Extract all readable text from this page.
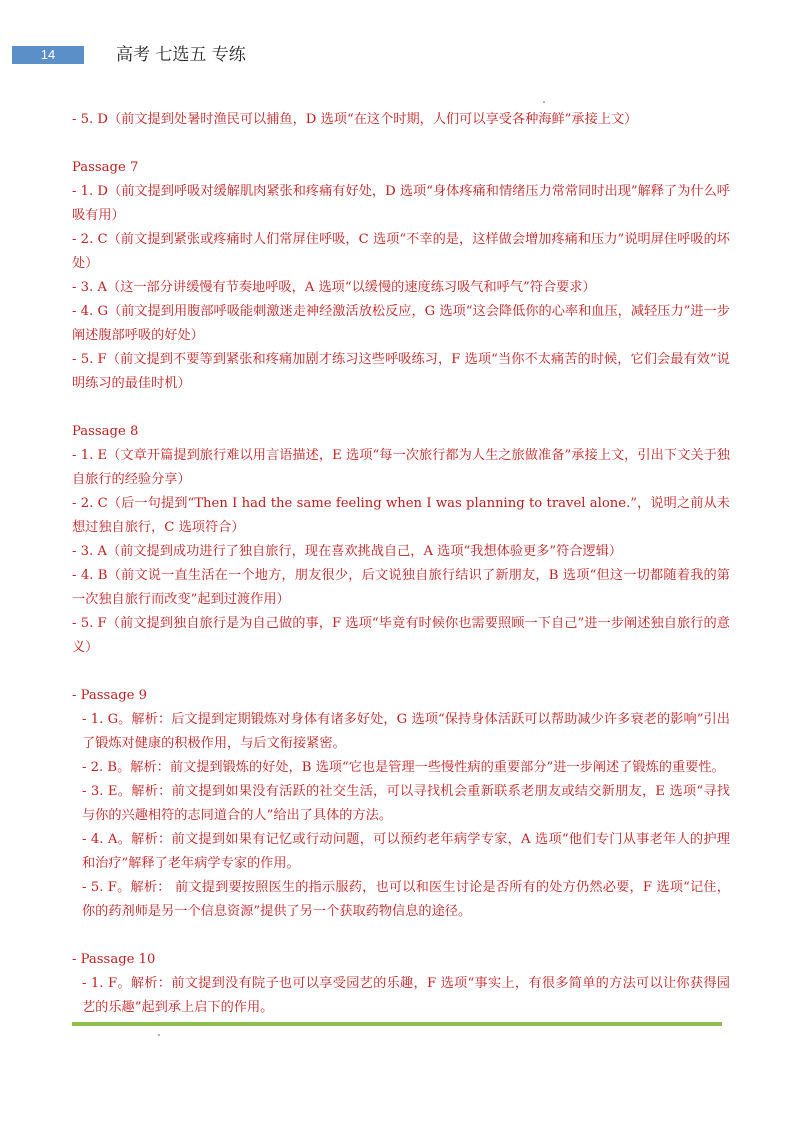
14	高考 七选五 专练

- 5. D（前文提到处暑时渔民可以捕鱼，D 选项“在这个时期，人们可以享受各种海鲜”承接上文）

Passage 7

- 1. D（前文提到呼吸对缓解肌肉紧张和疼痛有好处，D 选项“身体疼痛和情绪压力常常同时出现”解释了为什么呼吸有用）

- 2. C（前文提到紧张或疼痛时人们常屏住呼吸，C 选项“不幸的是，这样做会增加疼痛和压力”说明屏住呼吸的坏处）

- 3. A（这一部分讲缓慢有节奏地呼吸，A 选项“以缓慢的速度练习吸气和呼气”符合要求）

- 4. G（前文提到用腹部呼吸能刺激迷走神经激活放松反应，G 选项“这会降低你的心率和血压，减轻压力”进一步阐述腹部呼吸的好处）

- 5. F（前文提到不要等到紧张和疼痛加剧才练习这些呼吸练习，F 选项“当你不太痛苦的时候，它们会最有效”说明练习的最佳时机）

Passage 8

- 1. E（文章开篇提到旅行难以用言语描述，E 选项“每一次旅行都为人生之旅做准备”承接上文，引出下文关于独自旅行的经验分享）

- 2. C（后一句提到“Then I had the same feeling when I was planning to travel alone.”，说明之前从未想过独自旅行，C 选项符合）

- 3. A（前文提到成功进行了独自旅行，现在喜欢挑战自己，A 选项“我想体验更多”符合逻辑）

- 4. B（前文说一直生活在一个地方，朋友很少，后文说独自旅行结识了新朋友，B 选项“但这一切都随着我的第一次独自旅行而改变”起到过渡作用）

- 5. F（前文提到独自旅行是为自己做的事，F 选项“毕竟有时候你也需要照顾一下自己”进一步阐述独自旅行的意义）

- Passage 9

- 1. G。解析：后文提到定期锻炼对身体有诸多好处，G 选项“保持身体活跃可以帮助减少许多衰老的影响”引出了锻炼对健康的积极作用，与后文衔接紧密。

- 2. B。解析：前文提到锻炼的好处，B 选项“它也是管理一些慢性病的重要部分”进一步阐述了锻炼的重要性。

- 3. E。解析：前文提到如果没有活跃的社交生活，可以寻找机会重新联系老朋友或结交新朋友，E 选项“寻找与你的兴趣相符的志同道合的人”给出了具体的方法。

- 4. A。解析：前文提到如果有记忆或行动问题，可以预约老年病学专家，A 选项“他们专门从事老年人的护理和治疗”解释了老年病学专家的作用。

- 5. F。解析： 前文提到要按照医生的指示服药，也可以和医生讨论是否所有的处方仍然必要，F 选项“记住，你的药剂师是另一个信息资源”提供了另一个获取药物信息的途径。

- Passage 10

- 1. F。解析：前文提到没有院子也可以享受园艺的乐趣，F 选项“事实上，有很多简单的方法可以让你获得园艺的乐趣”起到承上启下的作用。
